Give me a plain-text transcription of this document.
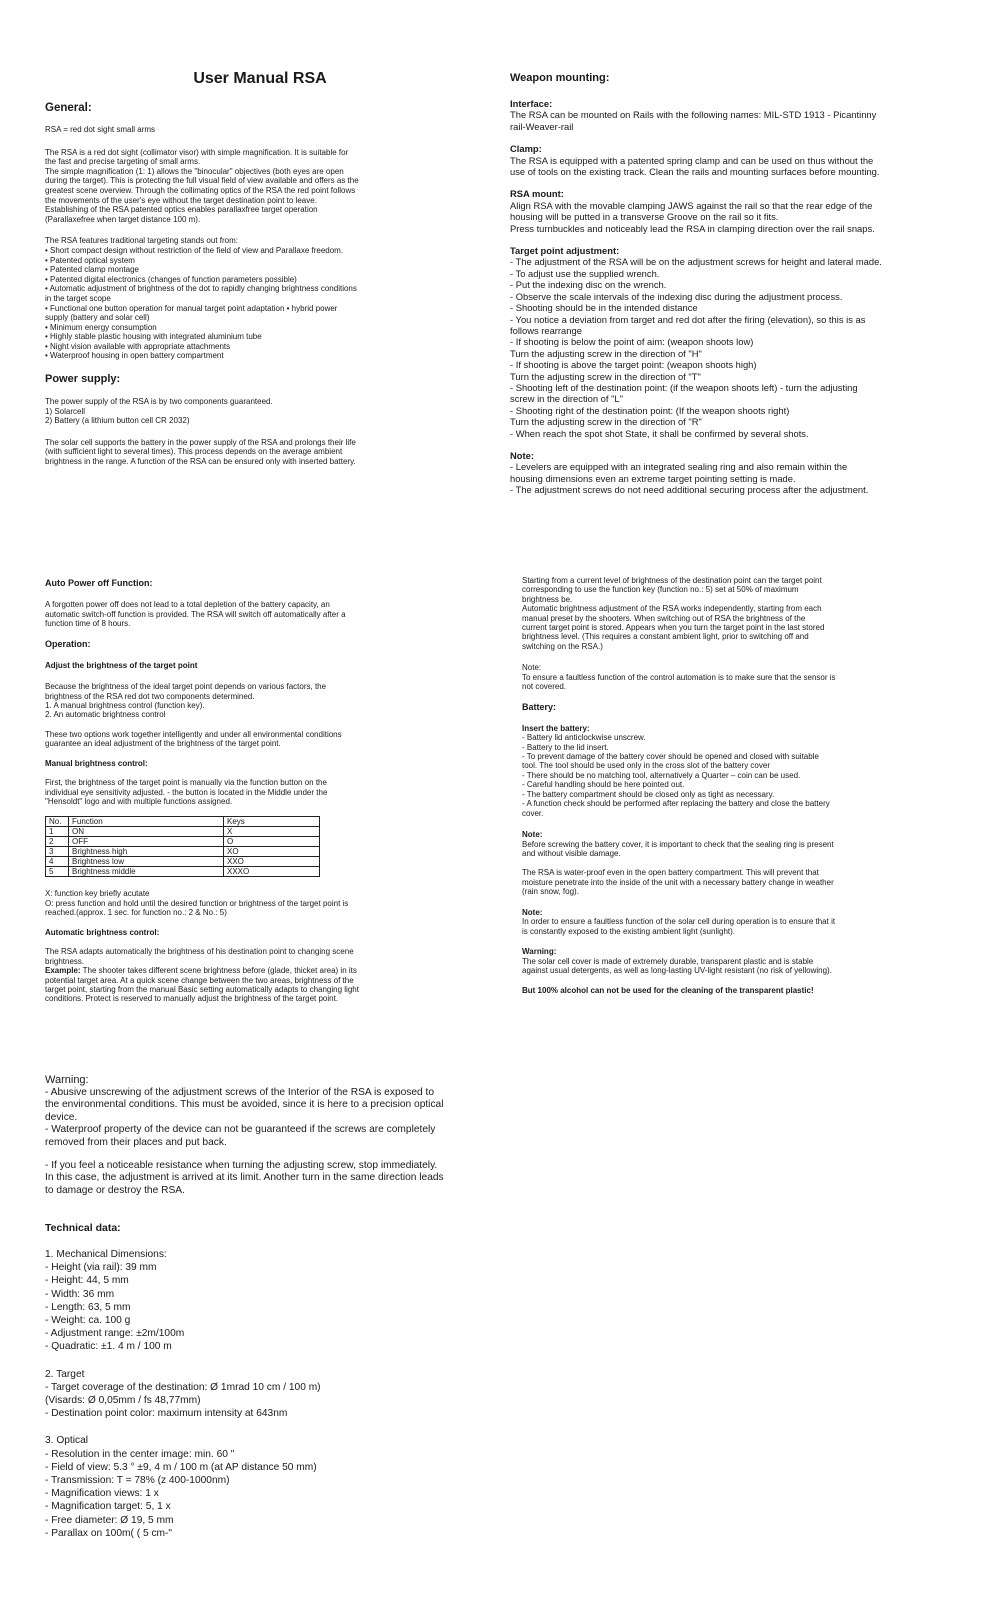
User Manual RSA
General:
RSA = red dot sight small arms
The RSA is a red dot sight (collimator visor) with simple magnification. It is suitable for
the fast and precise targeting of small arms.
The simple magnification (1: 1) allows the "binocular" objectives (both eyes are open
during the target). This is protecting the full visual field of view available and offers as the
greatest scene overview. Through the collimating optics of the RSA the red point follows
the movements of the user's eye without the target destination point to leave.
Establishing of the RSA patented optics enables parallaxfree target operation
(Parallaxefree when target distance 100 m).
The RSA features traditional targeting stands out from:
• Short compact design without restriction of the field of view and Parallaxe freedom.
• Patented optical system
• Patented clamp montage
• Patented digital electronics (changes of function parameters possible)
• Automatic adjustment of brightness of the dot to rapidly changing brightness conditions
in the target scope
• Functional one button operation for manual target point adaptation • hybrid power
supply (battery and solar cell)
• Minimum energy consumption
• Highly stable plastic housing with integrated aluminium tube
• Night vision available with appropriate attachments
• Waterproof housing in open battery compartment
Power supply:
The power supply of the RSA is by two components guaranteed.
1) Solarcell
2) Battery (a lithium button cell CR 2032)
The solar cell supports the battery in the power supply of the RSA and prolongs their life
(with sufficient light to several times). This process depends on the average ambient
brightness in the range. A function of the RSA can be ensured only with inserted battery.
Weapon mounting:
Interface:
The RSA can be mounted on Rails with the following names: MIL-STD 1913 - Picantinny
rail-Weaver-rail
Clamp:
The RSA is equipped with a patented spring clamp and can be used on thus without the
use of tools on the existing track. Clean the rails and mounting surfaces before mounting.
RSA mount:
Align RSA with the movable clamping JAWS against the rail so that the rear edge of the
housing will be putted in a transverse Groove on the rail so it fits.
Press turnbuckles and noticeably lead the RSA in clamping direction over the rail snaps.
Target point adjustment:
- The adjustment of the RSA will be on the adjustment screws for height and lateral made.
- To adjust use the supplied wrench.
- Put the indexing disc on the wrench.
- Observe the scale intervals of the indexing disc during the adjustment process.
- Shooting should be in the intended distance
- You notice a deviation from target and red dot after the firing (elevation), so this is as
follows rearrange
- If shooting is below the point of aim: (weapon shoots low)
Turn the adjusting screw in the direction of "H"
- If shooting is above the target point: (weapon shoots high)
Turn the adjusting screw in the direction of "T"
- Shooting left of the destination point: (if the weapon shoots left) - turn the adjusting
screw in the direction of "L"
- Shooting right of the destination point: (If the weapon shoots right)
Turn the adjusting screw in the direction of "R"
- When reach the spot shot State, it shall be confirmed by several shots.
Note:
- Levelers are equipped with an integrated sealing ring and also remain within the
housing dimensions even an extreme target pointing setting is made.
- The adjustment screws do not need additional securing process after the adjustment.
Auto Power off Function:
A forgotten power off does not lead to a total depletion of the battery capacity, an
automatic switch-off function is provided. The RSA will switch off automatically after a
function time of 8 hours.
Operation:
Adjust the brightness of the target point
Because the brightness of the ideal target point depends on various factors, the
brightness of the RSA red dot two components determined.
1. A manual brightness control (function key).
2. An automatic brightness control
These two options work together intelligently and under all environmental conditions
guarantee an ideal adjustment of the brightness of the target point.
Manual brightness control:
First, the brightness of the target point is manually via the function button on the
individual eye sensitivity adjusted. - the button is located in the Middle under the
"Hensoldt" logo and with multiple functions assigned.
No.	Function	Keys
1	ON	X
2	OFF	O
3	Brightness high	XO
4	Brightness low	XXO
5	Brightness middle	XXXO
X: function key briefly acutate
O: press function and hold until the desired function or brightness of the target point is
reached.(approx. 1 sec. for function no.: 2 & No.: 5)
Automatic brightness control:
The RSA adapts automatically the brightness of his destination point to changing scene
brightness.
Example: The shooter takes different scene brightness before (glade, thicket area) in its
potential target area. At a quick scene change between the two areas, brightness of the
target point, starting from the manual Basic setting automatically adapts to changing light
conditions. Protect is reserved to manually adjust the brightness of the target point.
Starting from a current level of brightness of the destination point can the target point
corresponding to use the function key (function no.: 5) set at 50% of maximum
brightness be.
Automatic brightness adjustment of the RSA works independently, starting from each
manual preset by the shooters. When switching out of RSA the brightness of the
current target point is stored. Appears when you turn the target point in the last stored
brightness level. (This requires a constant ambient light, prior to switching off and
switching on the RSA.)
Note:
To ensure a faultless function of the control automation is to make sure that the sensor is
not covered.
Battery:
Insert the battery:
- Battery lid anticlockwise unscrew.
- Battery to the lid insert.
- To prevent damage of the battery cover should be opened and closed with suitable
tool. The tool should be used only in the cross slot of the battery cover
- There should be no matching tool, alternatively a Quarter – coin can be used.
- Careful handling should be here pointed out.
- The battery compartment should be closed only as tight as necessary.
- A function check should be performed after replacing the battery and close the battery
cover.
Note:
Before screwing the battery cover, it is important to check that the sealing ring is present
and without visible damage.
The RSA is water-proof even in the open battery compartment. This will prevent that
moisture penetrate into the inside of the unit with a necessary battery change in weather
(rain snow, fog).
Note:
In order to ensure a faultless function of the solar cell during operation is to ensure that it
is constantly exposed to the existing ambient light (sunlight).
Warning:
The solar cell cover is made of extremely durable, transparent plastic and is stable
against usual detergents, as well as long-lasting UV-light resistant (no risk of yellowing).
But 100% alcohol can not be used for the cleaning of the transparent plastic!
Warning:
- Abusive unscrewing of the adjustment screws of the Interior of the RSA is exposed to
the environmental conditions. This must be avoided, since it is here to a precision optical
device.
- Waterproof property of the device can not be guaranteed if the screws are completely
removed from their places and put back.
- If you feel a noticeable resistance when turning the adjusting screw, stop immediately.
In this case, the adjustment is arrived at its limit. Another turn in the same direction leads
to damage or destroy the RSA.
Technical data:
1. Mechanical Dimensions:
- Height (via rail): 39 mm
- Height: 44, 5 mm
- Width: 36 mm
- Length: 63, 5 mm
- Weight: ca. 100 g
- Adjustment range: ±2m/100m
- Quadratic: ±1. 4 m / 100 m
2. Target
- Target coverage of the destination: Ø 1mrad 10 cm / 100 m)
(Visards: Ø 0,05mm / fs 48,77mm)
- Destination point color: maximum intensity at 643nm
3. Optical
- Resolution in the center image: min. 60 "
- Field of view: 5.3 ° ±9, 4 m / 100 m (at AP distance 50 mm)
- Transmission: T = 78% (z 400-1000nm)
- Magnification views: 1 x
- Magnification target: 5, 1 x
- Free diameter: Ø 19, 5 mm
- Parallax on 100m( ( 5 cm-"
